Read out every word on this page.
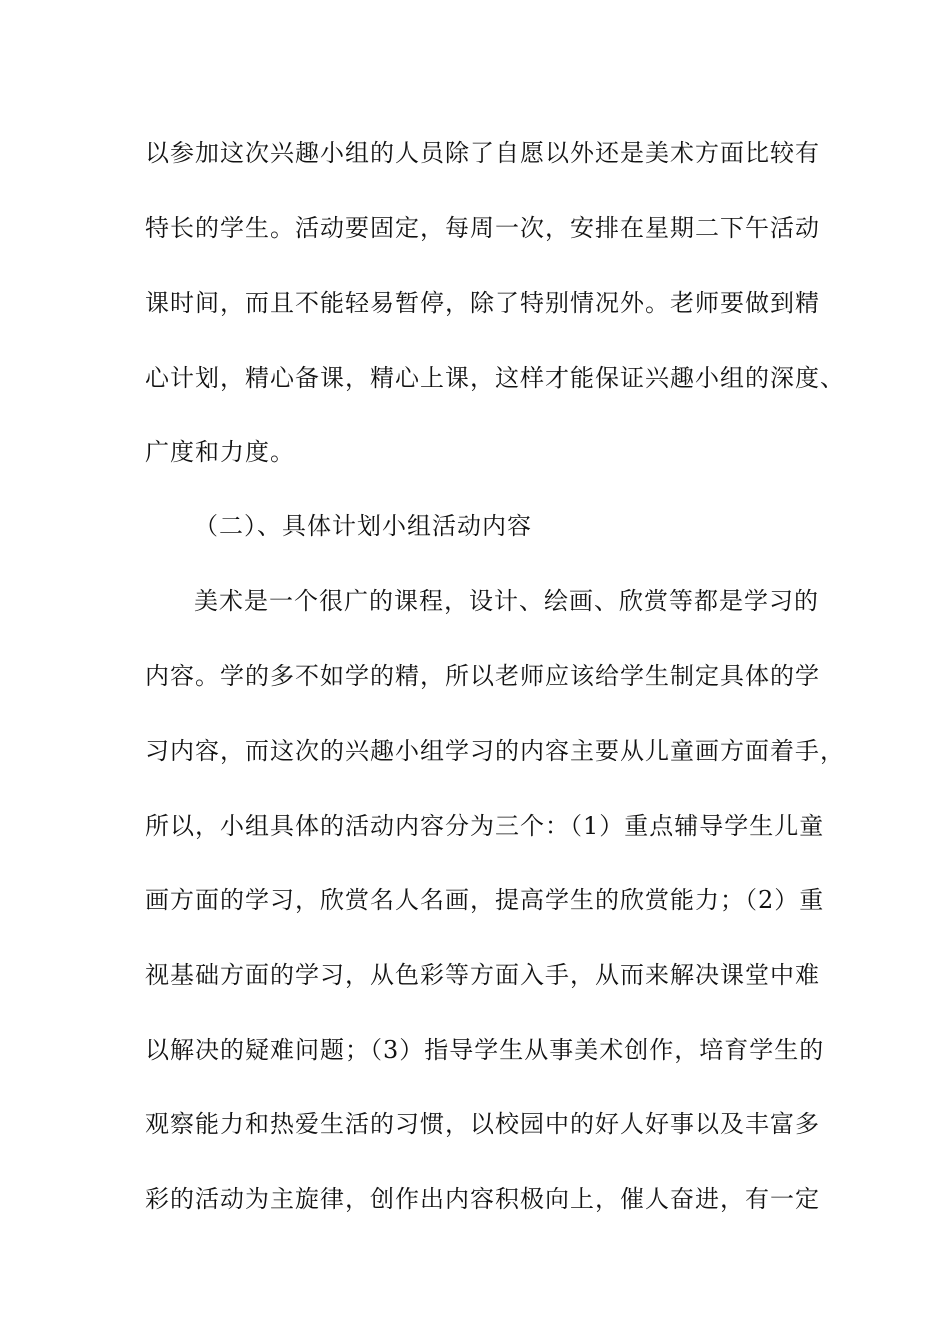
以参加这次兴趣小组的人员除了自愿以外还是美术方面比较有
特长的学生。活动要固定，每周一次，安排在星期二下午活动
课时间，而且不能轻易暂停，除了特别情况外。老师要做到精
心计划，精心备课，精心上课，这样才能保证兴趣小组的深度、
广度和力度。
（二）、具体计划小组活动内容
美术是一个很广的课程，设计、绘画、欣赏等都是学习的
内容。学的多不如学的精，所以老师应该给学生制定具体的学
习内容，而这次的兴趣小组学习的内容主要从儿童画方面着手，
所以，小组具体的活动内容分为三个：（1）重点辅导学生儿童
画方面的学习，欣赏名人名画，提高学生的欣赏能力；（2）重
视基础方面的学习，从色彩等方面入手，从而来解决课堂中难
以解决的疑难问题；（3）指导学生从事美术创作，培育学生的
观察能力和热爱生活的习惯，以校园中的好人好事以及丰富多
彩的活动为主旋律，创作出内容积极向上，催人奋进，有一定
